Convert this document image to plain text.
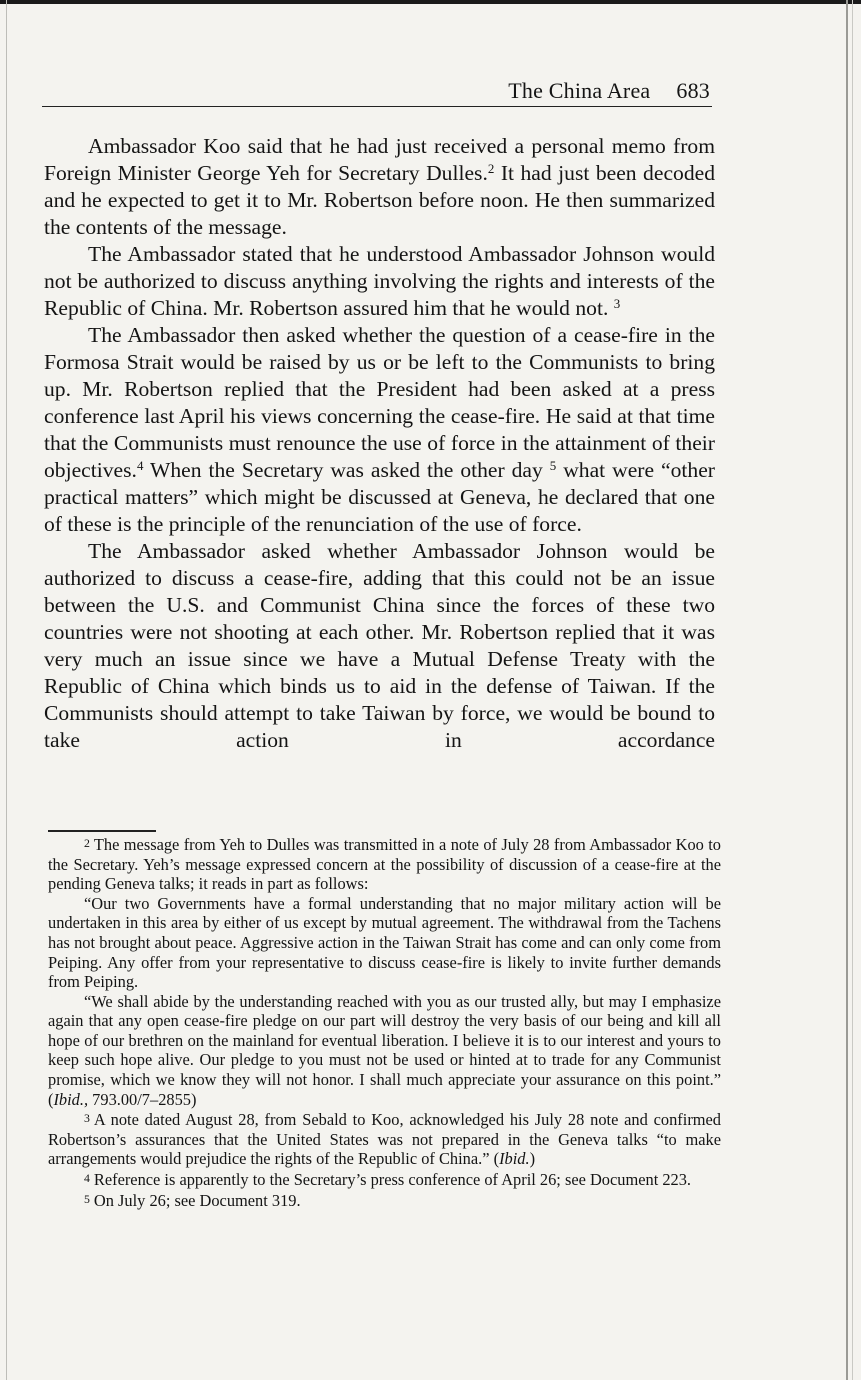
The China Area 683

Ambassador Koo said that he had just received a personal memo from Foreign Minister George Yeh for Secretary Dulles.$^2$ It had just been decoded and he expected to get it to Mr. Robertson before noon. He then summarized the contents of the message.

The Ambassador stated that he understood Ambassador Johnson would not be authorized to discuss anything involving the rights and interests of the Republic of China. Mr. Robertson assured him that he would not. $^3$

The Ambassador then asked whether the question of a cease-fire in the Formosa Strait would be raised by us or be left to the Communists to bring up. Mr. Robertson replied that the President had been asked at a press conference last April his views concerning the cease-fire. He said at that time that the Communists must renounce the use of force in the attainment of their objectives.$^4$ When the Secretary was asked the other day $^5$ what were “other practical matters” which might be discussed at Geneva, he declared that one of these is the principle of the renunciation of the use of force.

The Ambassador asked whether Ambassador Johnson would be authorized to discuss a cease-fire, adding that this could not be an issue between the U.S. and Communist China since the forces of these two countries were not shooting at each other. Mr. Robertson replied that it was very much an issue since we have a Mutual Defense Treaty with the Republic of China which binds us to aid in the defense of Taiwan. If the Communists should attempt to take Taiwan by force, we would be bound to take action in accordance

2 The message from Yeh to Dulles was transmitted in a note of July 28 from Ambassador Koo to the Secretary. Yeh’s message expressed concern at the possibility of discussion of a cease-fire at the pending Geneva talks; it reads in part as follows:

“Our two Governments have a formal understanding that no major military action will be undertaken in this area by either of us except by mutual agreement. The withdrawal from the Tachens has not brought about peace. Aggressive action in the Taiwan Strait has come and can only come from Peiping. Any offer from your representative to discuss cease-fire is likely to invite further demands from Peiping.

“We shall abide by the understanding reached with you as our trusted ally, but may I emphasize again that any open cease-fire pledge on our part will destroy the very basis of our being and kill all hope of our brethren on the mainland for eventual liberation. I believe it is to our interest and yours to keep such hope alive. Our pledge to you must not be used or hinted at to trade for any Communist promise, which we know they will not honor. I shall much appreciate your assurance on this point.” (Ibid., 793.00/7–2855)

3 A note dated August 28, from Sebald to Koo, acknowledged his July 28 note and confirmed Robertson’s assurances that the United States was not prepared in the Geneva talks “to make arrangements would prejudice the rights of the Republic of China.” (Ibid.)

4 Reference is apparently to the Secretary’s press conference of April 26; see Document 223.

5 On July 26; see Document 319.
